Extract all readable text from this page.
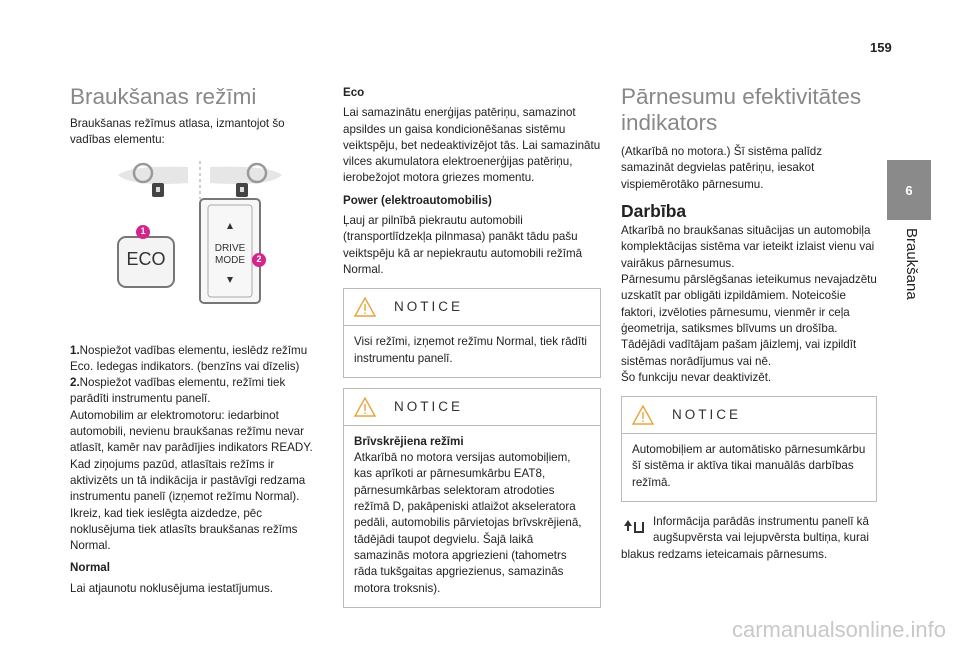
159
6
Braukšana
Braukšanas režīmi

Braukšanas režīmus atlasa, izmantojot šo vadības elementu:

ECO
DRIVE
MODE
1
2

1.Nospiežot vadības elementu, ieslēdz režīmu Eco. Iedegas indikators. (benzīns vai dīzelis)

2.Nospiežot vadības elementu, režīmi tiek parādīti instrumentu panelī.

Automobilim ar elektromotoru: iedarbinot automobili, nevienu braukšanas režīmu nevar atlasīt, kamēr nav parādījies indikators READY.

Kad ziņojums pazūd, atlasītais režīms ir aktivizēts un tā indikācija ir pastāvīgi redzama instrumentu panelī (izņemot režīmu Normal).

Ikreiz, kad tiek ieslēgta aizdedze, pēc noklusējuma tiek atlasīts braukšanas režīms Normal.

Normal

Lai atjaunotu noklusējuma iestatījumus.

Eco

Lai samazinātu enerģijas patēriņu, samazinot apsildes un gaisa kondicionēšanas sistēmu veiktspēju, bet nedeaktivizējot tās. Lai samazinātu vilces akumulatora elektroenerģijas patēriņu, ierobežojot motora griezes momentu.

Power (elektroautomobilis)

Ļauj ar pilnībā piekrautu automobili (transportlīdzekļa pilnmasa) panākt tādu pašu veiktspēju kā ar nepiekrautu automobili režīmā Normal.

NOTICE

Visi režīmi, izņemot režīmu Normal, tiek rādīti instrumentu panelī.

NOTICE

Brīvskrējiena režīmi

Atkarībā no motora versijas automobiļiem, kas aprīkoti ar pārnesumkārbu EAT8, pārnesumkārbas selektoram atrodoties režīmā D, pakāpeniski atlaižot akseleratora pedāli, automobilis pārvietojas brīvskrējienā, tādējādi taupot degvielu. Šajā laikā samazinās motora apgriezieni (tahometrs rāda tukšgaitas apgriezienus, samazinās motora troksnis).

Pārnesumu efektivitātes indikators

(Atkarībā no motora.) Šī sistēma palīdz samazināt degvielas patēriņu, iesakot vispiemērotāko pārnesumu.

Darbība

Atkarībā no braukšanas situācijas un automobiļa komplektācijas sistēma var ieteikt izlaist vienu vai vairākus pārnesumus.

Pārnesumu pārslēgšanas ieteikumus nevajadzētu uzskatīt par obligāti izpildāmiem. Noteicošie faktori, izvēloties pārnesumu, vienmēr ir ceļa ģeometrija, satiksmes blīvums un drošība. Tādējādi vadītājam pašam jāizlemj, vai izpildīt sistēmas norādījumus vai nē.

Šo funkciju nevar deaktivizēt.

NOTICE

Automobiļiem ar automātisko pārnesumkārbu šī sistēma ir aktīva tikai manuālās darbības režīmā.

Informācija parādās instrumentu panelī kā augšupvērsta vai lejupvērsta bultiņa, kurai blakus redzams ieteicamais pārnesums.

carmanualsonline.info
